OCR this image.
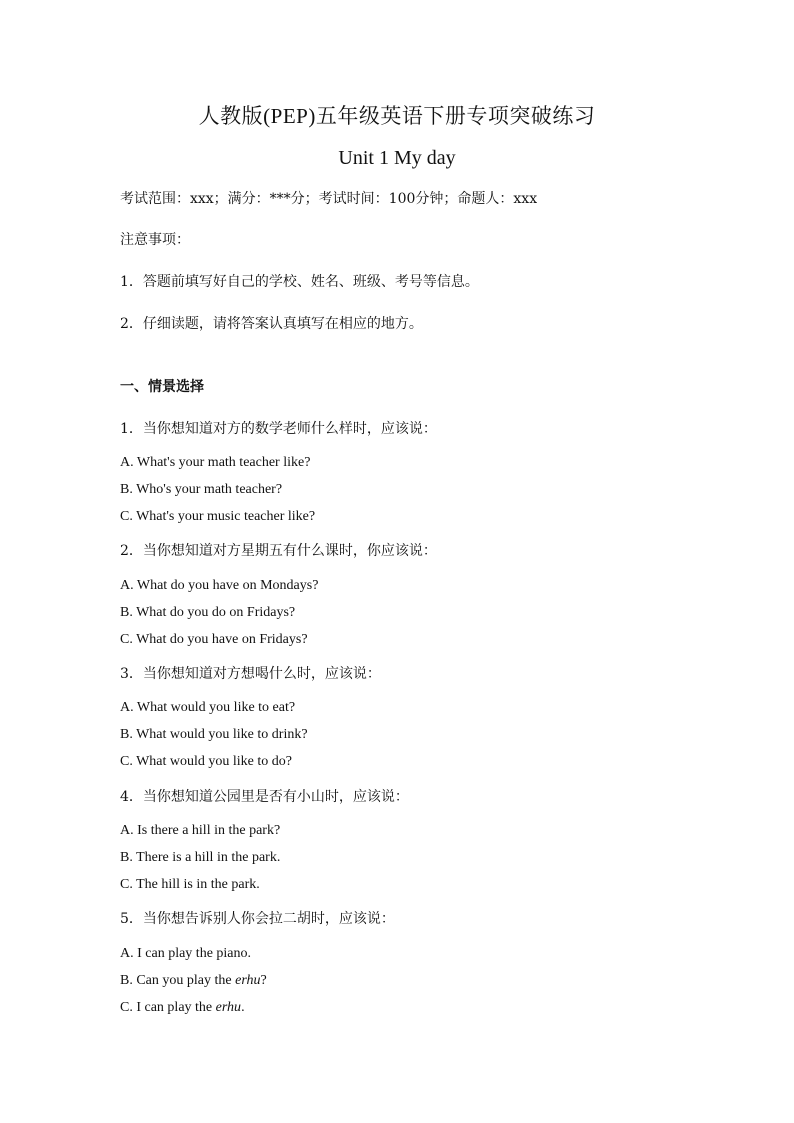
人教版(PEP)五年级英语下册专项突破练习
Unit 1 My day
考试范围：xxx；满分：***分；考试时间：100分钟；命题人：xxx
注意事项：
1．答题前填写好自己的学校、姓名、班级、考号等信息。
2．仔细读题，请将答案认真填写在相应的地方。
一、情景选择
1．当你想知道对方的数学老师什么样时，应该说：
A. What's your math teacher like?
B. Who's your math teacher?
C. What's your music teacher like?
2．当你想知道对方星期五有什么课时，你应该说：
A. What do you have on Mondays?
B. What do you do on Fridays?
C. What do you have on Fridays?
3．当你想知道对方想喝什么时，应该说：
A. What would you like to eat?
B. What would you like to drink?
C. What would you like to do?
4．当你想知道公园里是否有小山时，应该说：
A. Is there a hill in the park?
B. There is a hill in the park.
C. The hill is in the park.
5．当你想告诉别人你会拉二胡时，应该说：
A. I can play the piano.
B. Can you play the erhu?
C. I can play the erhu.
